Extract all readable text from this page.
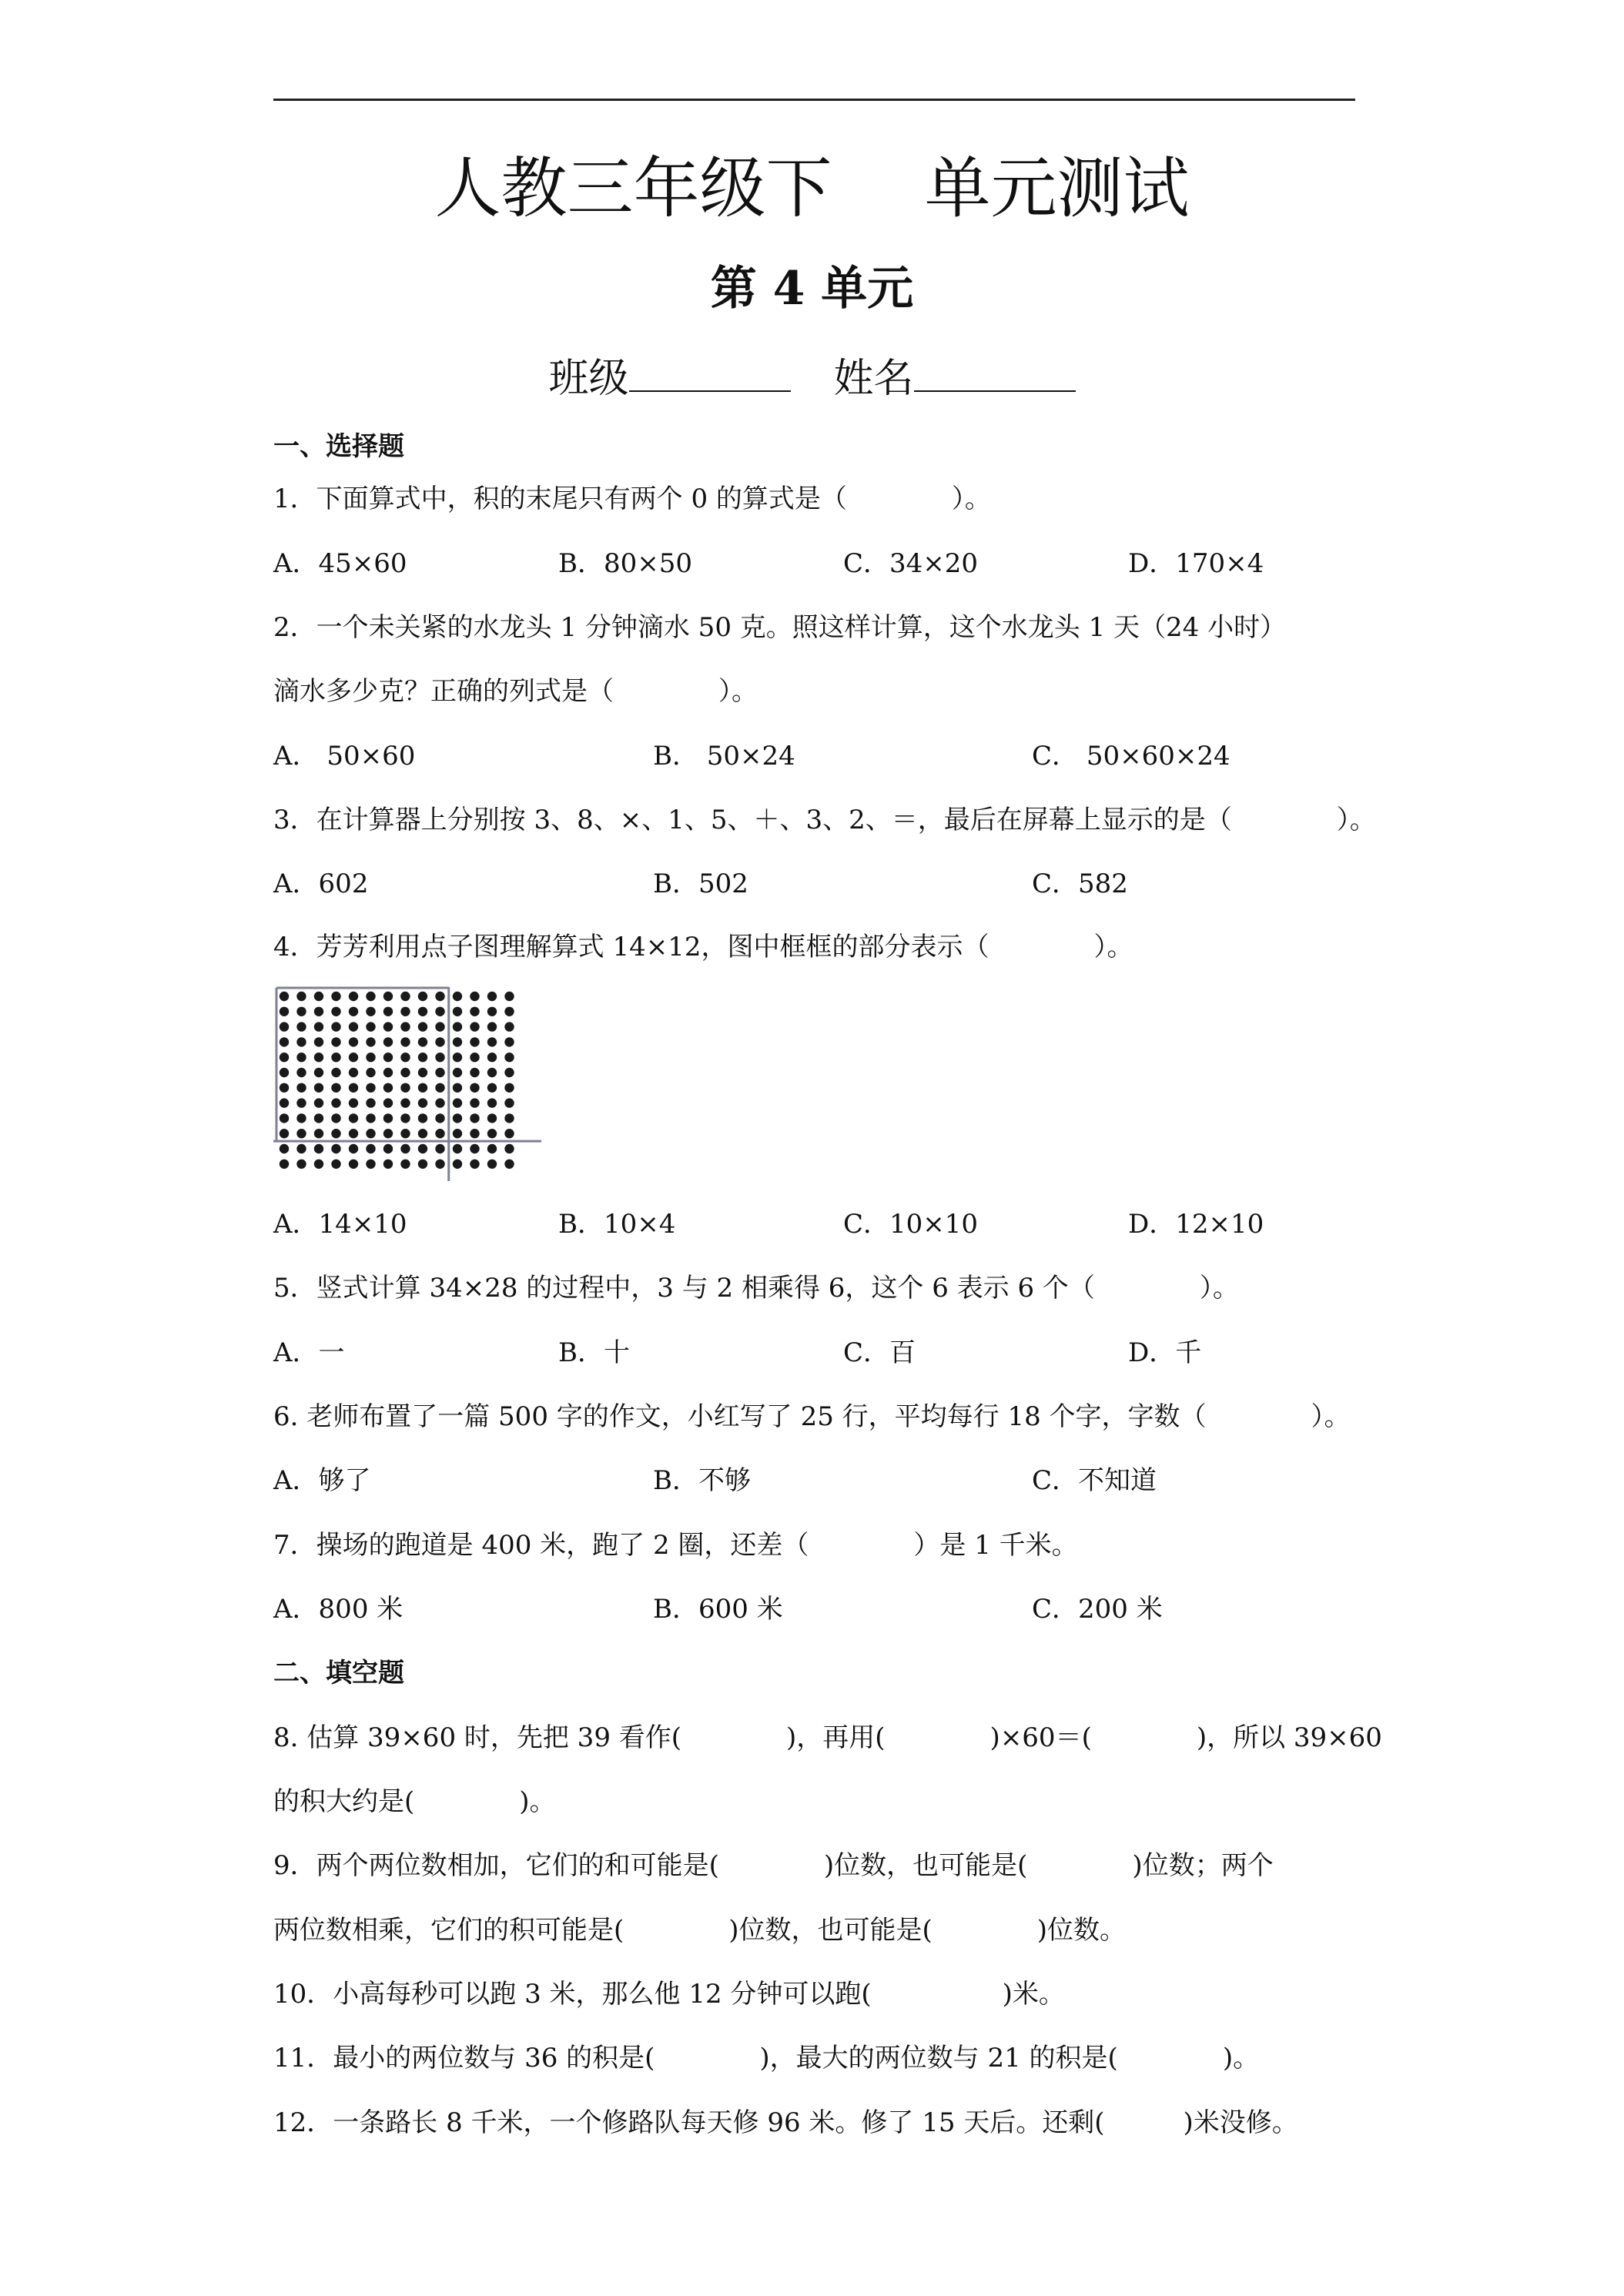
人教三年级下 单元测试
第 4 单元
班级	姓名
一、选择题
1．下面算式中，积的末尾只有两个 0 的算式是（　　　　）。
A．45×60	B．80×50	C．34×20	D．170×4
2．一个未关紧的水龙头 1 分钟滴水 50 克。照这样计算，这个水龙头 1 天（24 小时）
滴水多少克？正确的列式是（　　　　）。
A． 50×60	B． 50×24	C． 50×60×24
3．在计算器上分别按 3、8、×、1、5、＋、3、2、＝，最后在屏幕上显示的是（　　　　）。
A．602	B．502	C．582
4．芳芳利用点子图理解算式 14×12，图中框框的部分表示（　　　　）。
A．14×10	B．10×4	C．10×10	D．12×10
5．竖式计算 34×28 的过程中，3 与 2 相乘得 6，这个 6 表示 6 个（　　　　）。
A．一	B．十	C．百	D．千
6. 老师布置了一篇 500 字的作文，小红写了 25 行，平均每行 18 个字，字数（　　　　）。
A．够了	B．不够	C．不知道
7．操场的跑道是 400 米，跑了 2 圈，还差（　　　　）是 1 千米。
A．800 米	B．600 米	C．200 米
二、填空题
8. 估算 39×60 时，先把 39 看作(　　　　)，再用(　　　　)×60＝(　　　　)，所以 39×60
的积大约是(　　　　)。
9．两个两位数相加，它们的和可能是(　　　　)位数，也可能是(　　　　)位数；两个
两位数相乘，它们的积可能是(　　　　)位数，也可能是(　　　　)位数。
10．小高每秒可以跑 3 米，那么他 12 分钟可以跑(　　　　　)米。
11．最小的两位数与 36 的积是(　　　　)，最大的两位数与 21 的积是(　　　　)。
12．一条路长 8 千米，一个修路队每天修 96 米。修了 15 天后。还剩(　　　)米没修。
